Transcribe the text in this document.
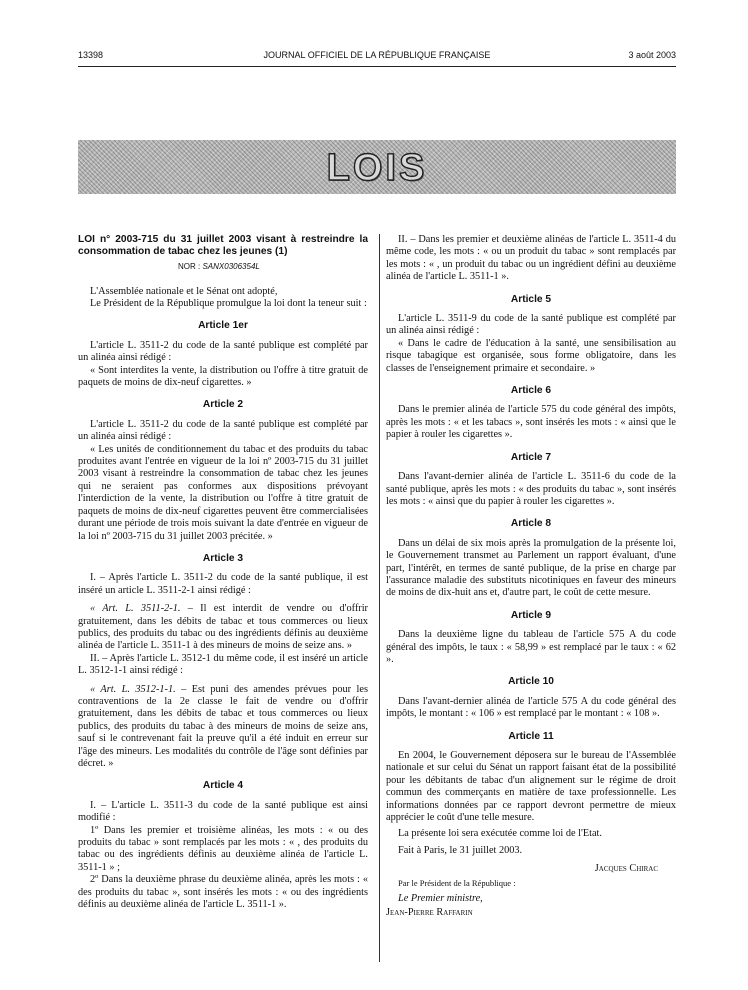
13398	JOURNAL OFFICIEL DE LA RÉPUBLIQUE FRANÇAISE	3 août 2003
LOIS
LOI n° 2003-715 du 31 juillet 2003 visant à restreindre la consommation de tabac chez les jeunes (1)
NOR : SANX0306354L

L'Assemblée nationale et le Sénat ont adopté,

Le Président de la République promulgue la loi dont la teneur suit :

Article 1er

L'article L. 3511-2 du code de la santé publique est complété par un alinéa ainsi rédigé :

« Sont interdites la vente, la distribution ou l'offre à titre gratuit de paquets de moins de dix-neuf cigarettes. »

Article 2

L'article L. 3511-2 du code de la santé publique est complété par un alinéa ainsi rédigé :

« Les unités de conditionnement du tabac et des produits du tabac produites avant l'entrée en vigueur de la loi nº 2003-715 du 31 juillet 2003 visant à restreindre la consommation de tabac chez les jeunes qui ne seraient pas conformes aux dispositions prévoyant l'interdiction de la vente, la distribution ou l'offre à titre gratuit de paquets de moins de dix-neuf cigarettes peuvent être commercialisées durant une période de trois mois suivant la date d'entrée en vigueur de la loi nº 2003-715 du 31 juillet 2003 précitée. »

Article 3

I. – Après l'article L. 3511-2 du code de la santé publique, il est inséré un article L. 3511-2-1 ainsi rédigé :

« Art. L. 3511-2-1. – Il est interdit de vendre ou d'offrir gratuitement, dans les débits de tabac et tous commerces ou lieux publics, des produits du tabac ou des ingrédients définis au deuxième alinéa de l'article L. 3511-1 à des mineurs de moins de seize ans. »

II. – Après l'article L. 3512-1 du même code, il est inséré un article L. 3512-1-1 ainsi rédigé :

« Art. L. 3512-1-1. – Est puni des amendes prévues pour les contraventions de la 2e classe le fait de vendre ou d'offrir gratuitement, dans les débits de tabac et tous commerces ou lieux publics, des produits du tabac à des mineurs de moins de seize ans, sauf si le contrevenant fait la preuve qu'il a été induit en erreur sur l'âge des mineurs. Les modalités du contrôle de l'âge sont définies par décret. »

Article 4

I. – L'article L. 3511-3 du code de la santé publique est ainsi modifié :

1º Dans les premier et troisième alinéas, les mots : « ou des produits du tabac » sont remplacés par les mots : « , des produits du tabac ou des ingrédients définis au deuxième alinéa de l'article L. 3511-1 » ;

2º Dans la deuxième phrase du deuxième alinéa, après les mots : « des produits du tabac », sont insérés les mots : « ou des ingrédients définis au deuxième alinéa de l'article L. 3511-1 ».

II. – Dans les premier et deuxième alinéas de l'article L. 3511-4 du même code, les mots : « ou un produit du tabac » sont remplacés par les mots : « , un produit du tabac ou un ingrédient défini au deuxième alinéa de l'article L. 3511-1 ».

Article 5

L'article L. 3511-9 du code de la santé publique est complété par un alinéa ainsi rédigé :

« Dans le cadre de l'éducation à la santé, une sensibilisation au risque tabagique est organisée, sous forme obligatoire, dans les classes de l'enseignement primaire et secondaire. »

Article 6

Dans le premier alinéa de l'article 575 du code général des impôts, après les mots : « et les tabacs », sont insérés les mots : « ainsi que le papier à rouler les cigarettes ».

Article 7

Dans l'avant-dernier alinéa de l'article L. 3511-6 du code de la santé publique, après les mots : « des produits du tabac », sont insérés les mots : « ainsi que du papier à rouler les cigarettes ».

Article 8

Dans un délai de six mois après la promulgation de la présente loi, le Gouvernement transmet au Parlement un rapport évaluant, d'une part, l'intérêt, en termes de santé publique, de la prise en charge par l'assurance maladie des substituts nicotiniques en faveur des mineurs de moins de dix-huit ans et, d'autre part, le coût de cette mesure.

Article 9

Dans la deuxième ligne du tableau de l'article 575 A du code général des impôts, le taux : « 58,99 » est remplacé par le taux : « 62 ».

Article 10

Dans l'avant-dernier alinéa de l'article 575 A du code général des impôts, le montant : « 106 » est remplacé par le montant : « 108 ».

Article 11

En 2004, le Gouvernement déposera sur le bureau de l'Assemblée nationale et sur celui du Sénat un rapport faisant état de la possibilité pour les débitants de tabac d'un alignement sur le régime de droit commun des commerçants en matière de taxe professionnelle. Les informations données par ce rapport devront permettre de mieux apprécier le coût d'une telle mesure.

La présente loi sera exécutée comme loi de l'Etat.

Fait à Paris, le 31 juillet 2003.

Jacques Chirac
Par le Président de la République :
Le Premier ministre,
Jean-Pierre Raffarin
